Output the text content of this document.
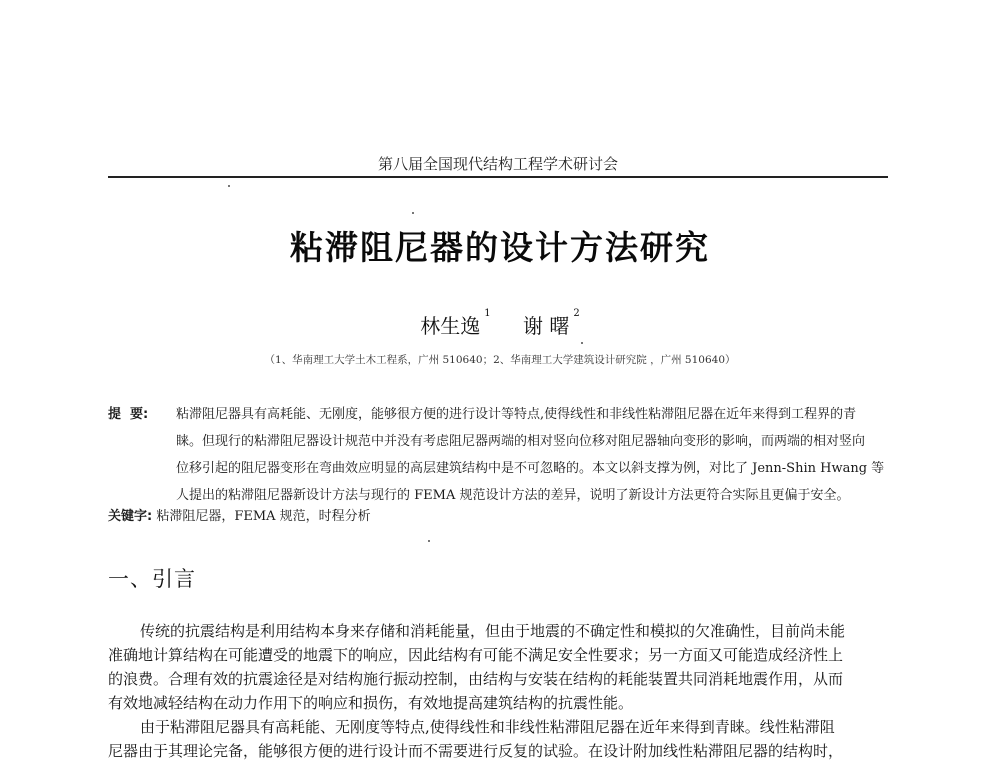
第八届全国现代结构工程学术研讨会
粘滞阻尼器的设计方法研究
林生逸$^1$ 谢 曙$^2$
（1、华南理工大学土木工程系，广州 510640；2、华南理工大学建筑设计研究院 ，广州 510640）
提 要:	粘滞阻尼器具有高耗能、无刚度，能够很方便的进行设计等特点,使得线性和非线性粘滞阻尼器在近年来得到工程界的青
睐。但现行的粘滞阻尼器设计规范中并没有考虑阻尼器两端的相对竖向位移对阻尼器轴向变形的影响，而两端的相对竖向
位移引起的阻尼器变形在弯曲效应明显的高层建筑结构中是不可忽略的。本文以斜支撑为例，对比了 Jenn-Shin Hwang 等
人提出的粘滞阻尼器新设计方法与现行的 FEMA 规范设计方法的差异，说明了新设计方法更符合实际且更偏于安全。
关键字: 粘滞阻尼器，FEMA 规范，时程分析
一、引言
传统的抗震结构是利用结构本身来存储和消耗能量，但由于地震的不确定性和模拟的欠准确性，目前尚未能
准确地计算结构在可能遭受的地震下的响应，因此结构有可能不满足安全性要求；另一方面又可能造成经济性上
的浪费。合理有效的抗震途径是对结构施行振动控制，由结构与安装在结构的耗能装置共同消耗地震作用，从而
有效地减轻结构在动力作用下的响应和损伤，有效地提高建筑结构的抗震性能。
由于粘滞阻尼器具有高耗能、无刚度等特点,使得线性和非线性粘滞阻尼器在近年来得到青睐。线性粘滞阻
尼器由于其理论完备，能够很方便的进行设计而不需要进行反复的试验。在设计附加线性粘滞阻尼器的结构时，
